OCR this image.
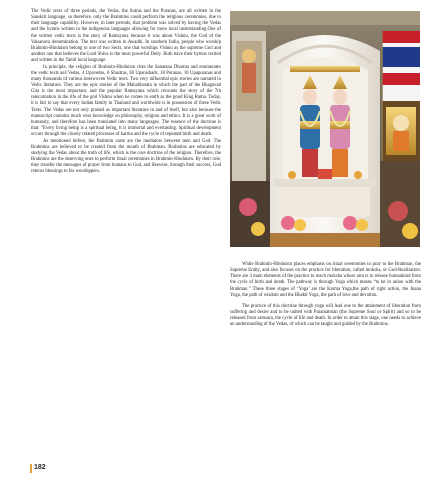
The Vedic texts of three periods, the Vedas, the Sutras and the Puranas, are all written in the Sanskrit language, so therefore, only the Brahmins could perform the religious ceremonies, due to their language capability. However, in later periods, that problem was solved by having the Vedas and the hymns written in the indigenous languages allowing for more local understanding.One of the written vedic texts is the story of Ramayana because it was about Vishnu, the God of the Vaisanava denomination. The text was written in Awadhi. In southern India, people who worship Brahmin-Hinduism belong to one of two Sects, one that worships Vishnu as the supreme God and another one that believes the Lord Shiva is the most powerful Deity. Both have their hymns recited and written in the Tamil local language.

In principle, the religion of Brahmin-Hinduism cites the Sanatana Dharma and enumerates the vedic texts as4 Vedas, 4 Upavedas, 6 Shastras, 38 Upanishads, 18 Puranas, 18 Upapuranas and many thousands of various interwoven Vedic texts. Two very influential epic stories are narrated in Vedic literature. They are the epic stories of the Mahabharata in which the part of the Bhagavad Gita is the most important, and the popular Ramayana which recounts the story of the 7th reincarnation in the life of the god Vishnu when he comes to earth as the good King Rama. Today, it is fair to say that every Indian family in Thailand and worldwide is in possession of these Vedic Texts. The Vedas are not only praised as important literature in and of itself, but also because the manuscript contains much wise knowledge on philosophy, religion and ethics. It is a great work of humanity, and therefore has been translated into many languages. The essence of the doctrine is that: “Every living being is a spiritual being, it is immortal and everlasting. Spiritual development occurs through the closely related processes of karma and the cycle of repeated birth and death.

As mentioned before, the Brahmin caste are the mediators between men and God. The Brahmins are believed to be created from the mouth of Brahman. Brahmins are educated by studying the Vedas about the truth of life, which is the core doctrine of the religion. Therefore, the Brahmins are the deserving ones to perform ritual ceremonies in Brahmin-Hinduism. By their role, they transfer the messages of prayer from humans to God, and likewise, through their success, God returns blessings to his worshippers.

While Brahmin-Hinduism places emphasis on ritual ceremonies to pray to the Brahman, the Supreme Entity, and also focuses on the practice for liberation, called moksha, or God-Realization. There are 3 main elements of the practice to reach moksha whose aim is to release humankind from the cycle of birth and death. The pathway is through Yoga which means “to be in union with the Brahman.” These three stages of ‘Yoga’ are the Karma Yoga,the path of right action, the Jnana Yoga, the path of wisdom and the Bhakti Yoga, the path of love and devotion.

The practice of this doctrine through yoga will lead one to the attainment of liberation from suffering and desire and to be united with Paramatman (the Supreme Soul or Spirit) and so to be released from samsara, the cycle of life and death. In order to attain this stage, one needs to achieve an understanding of the Vedas, of which can be taught and guided by the Brahmins.

182
